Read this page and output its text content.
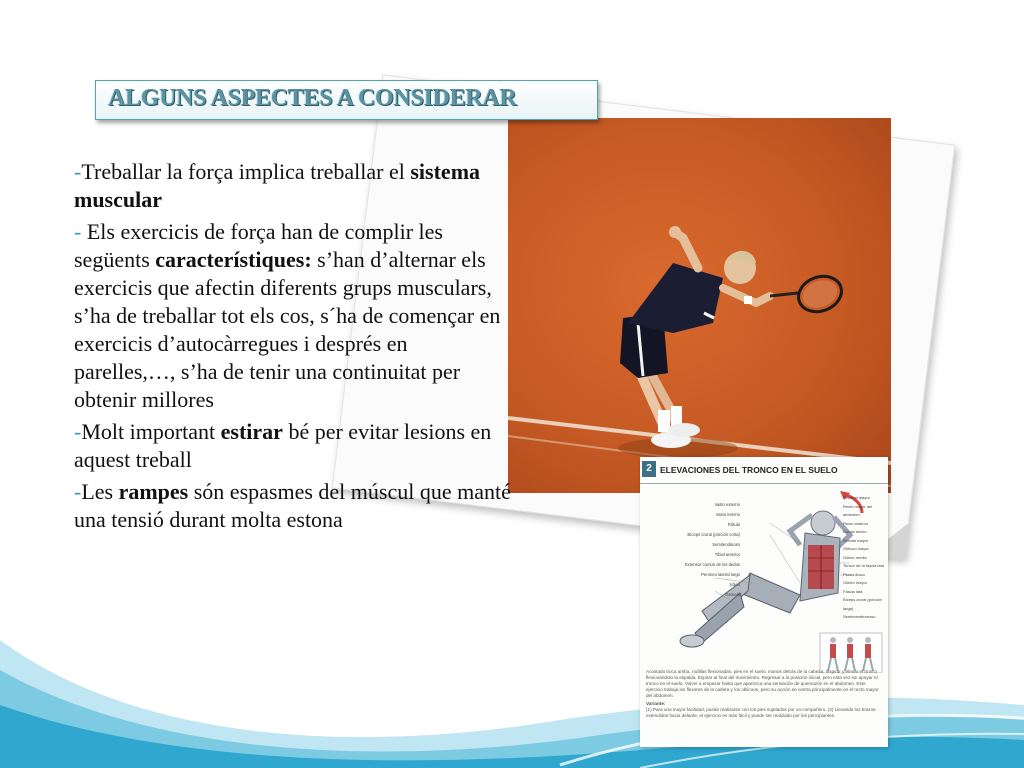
ALGUNS ASPECTES A CONSIDERAR

-Treballar la força implica treballar el sistema muscular

- Els exercicis de força han de complir les següents característiques: s’han d’alternar els exercicis que afectin diferents grups musculars, s’ha de treballar tot els cos, s´ha de començar en exercicis d’autocàrregues i després en parelles,…, s’ha de tenir una continuitat per obtenir millores

-Molt important estirar bé per evitar lesions en aquest treball

-Les rampes són espasmes del múscul que manté una tensió durant molta estona

2 ELEVACIONES DEL TRONCO EN EL SUELO
Acostado boca arriba, rodillas flexionadas, pies en el suelo, manos detrás de la cabeza: inspirar y elevar el tronco flexionándolo la espalda. Espirar al final del movimiento. Regresar a la posición inicial, pero esta vez sin apoyar el tronco en el suelo. Volver a empezar hasta que aparezca una sensación de quemazón en el abdomen. Este ejercicio trabaja los flexores de la cadera y los oblicuos, pero su acción se centra principalmente en el recto mayor del abdomen.
Variante:
(1) Para una mayor facilidad, puede realizarse con los pies sujetados por un compañero. (2) Llevando los brazos extendidos hacia delante, el ejercicio es más fácil y puede ser realizado por los principiantes.
Vasto externo
Vasto interno
Rótula
Bíceps crural (porción corta)
Semitendinoso
Tibial anterior
Extensor común de los dedos
Peroneo lateral largo
Sóleo
Gemelo
Pectoral mayor
Recto mayor del abdomen
Recto anterior
Dorsal ancho
Serrato mayor
Oblicuo mayor
Glúteo medio
Tensor de la fascia lata
Psoas-ilíaco
Glúteo mayor
Fascia lata
Bíceps crural (porción larga)
Semimembranoso
